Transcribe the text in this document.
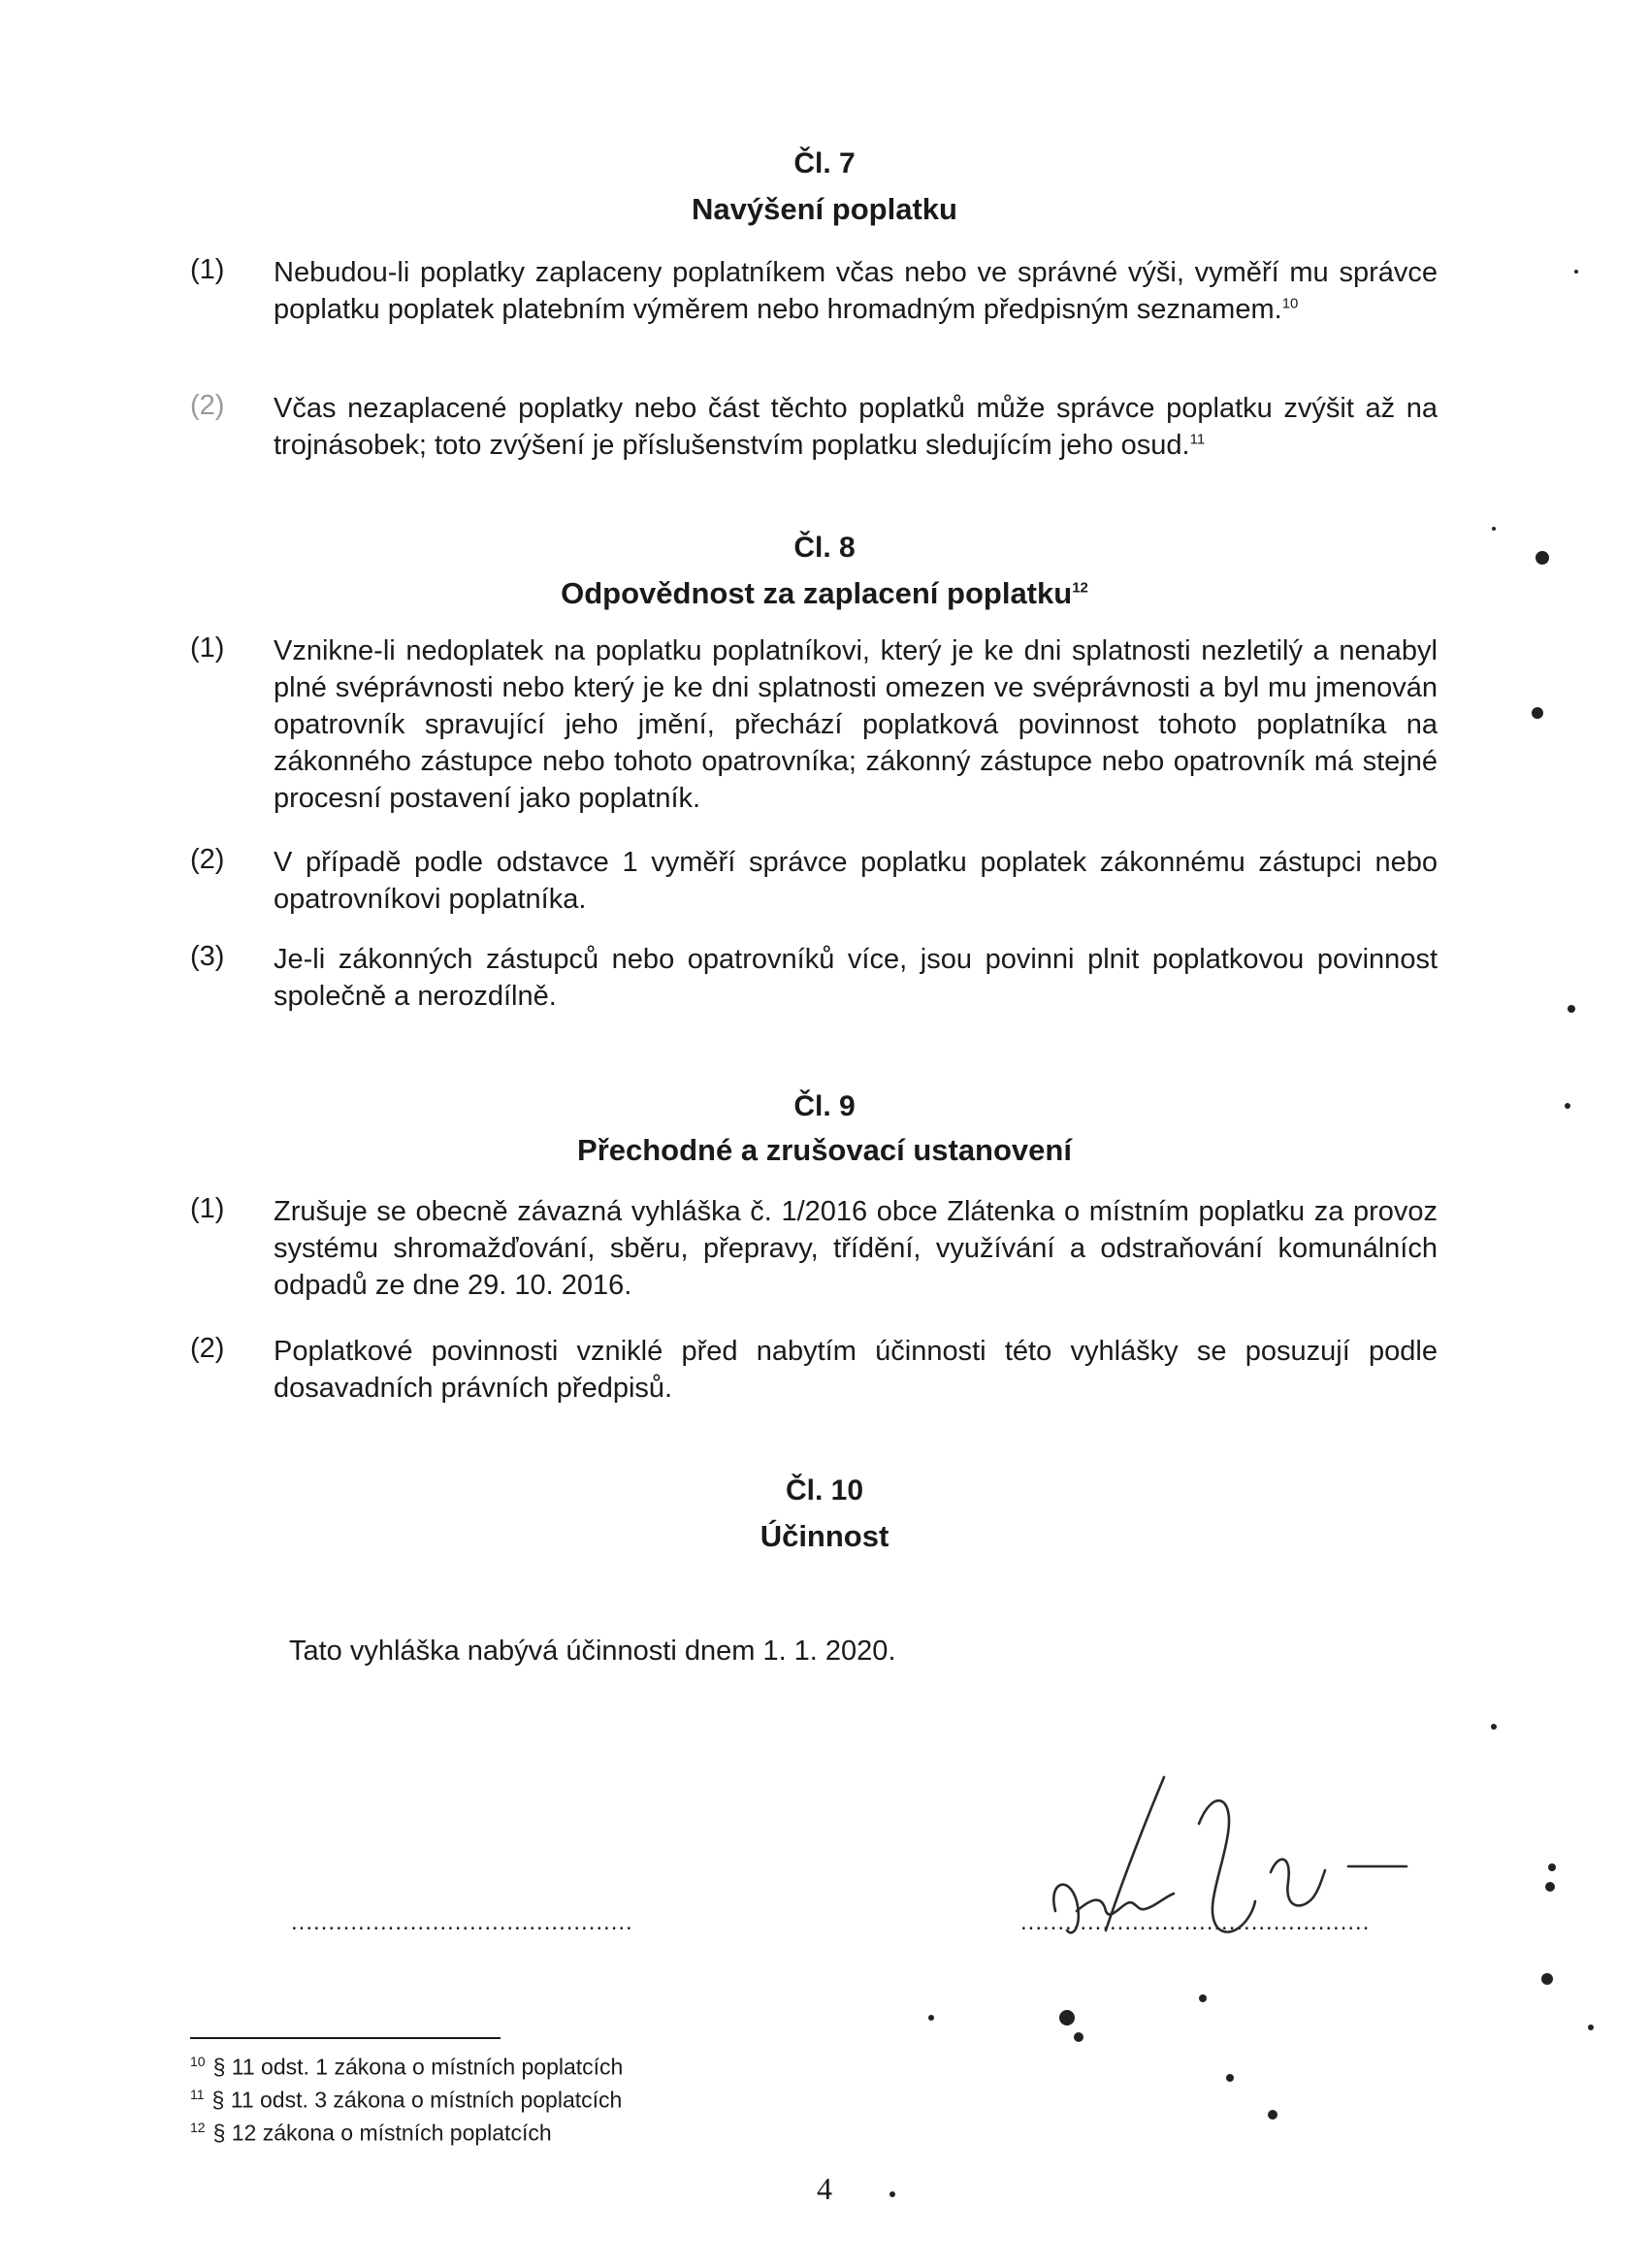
Čl. 7
Navýšení poplatku
(1) Nebudou-li poplatky zaplaceny poplatníkem včas nebo ve správné výši, vyměří mu správce poplatku poplatek platebním výměrem nebo hromadným předpisným seznamem.$^{10}$
(2) Včas nezaplacené poplatky nebo část těchto poplatků může správce poplatku zvýšit až na trojnásobek; toto zvýšení je příslušenstvím poplatku sledujícím jeho osud.$^{11}$
Čl. 8
Odpovědnost za zaplacení poplatku$^{12}$
(1) Vznikne-li nedoplatek na poplatku poplatníkovi, který je ke dni splatnosti nezletilý a nenabyl plné svéprávnosti nebo který je ke dni splatnosti omezen ve svéprávnosti a byl mu jmenován opatrovník spravující jeho jmění, přechází poplatková povinnost tohoto poplatníka na zákonného zástupce nebo tohoto opatrovníka; zákonný zástupce nebo opatrovník má stejné procesní postavení jako poplatník.
(2) V případě podle odstavce 1 vyměří správce poplatku poplatek zákonnému zástupci nebo opatrovníkovi poplatníka.
(3) Je-li zákonných zástupců nebo opatrovníků více, jsou povinni plnit poplatkovou povinnost společně a nerozdílně.
Čl. 9
Přechodné a zrušovací ustanovení
(1) Zrušuje se obecně závazná vyhláška č. 1/2016 obce Zlátenka o místním poplatku za provoz systému shromažďování, sběru, přepravy, třídění, využívání a odstraňování komunálních odpadů ze dne 29. 10. 2016.
(2) Poplatkové povinnosti vzniklé před nabytím účinnosti této vyhlášky se posuzují podle dosavadních právních předpisů.
Čl. 10
Účinnost
Tato vyhláška nabývá účinnosti dnem 1. 1. 2020.
..............................................	...............................................
$^{10}$ § 11 odst. 1 zákona o místních poplatcích
$^{11}$ § 11 odst. 3 zákona o místních poplatcích
$^{12}$ § 12 zákona o místních poplatcích
4
